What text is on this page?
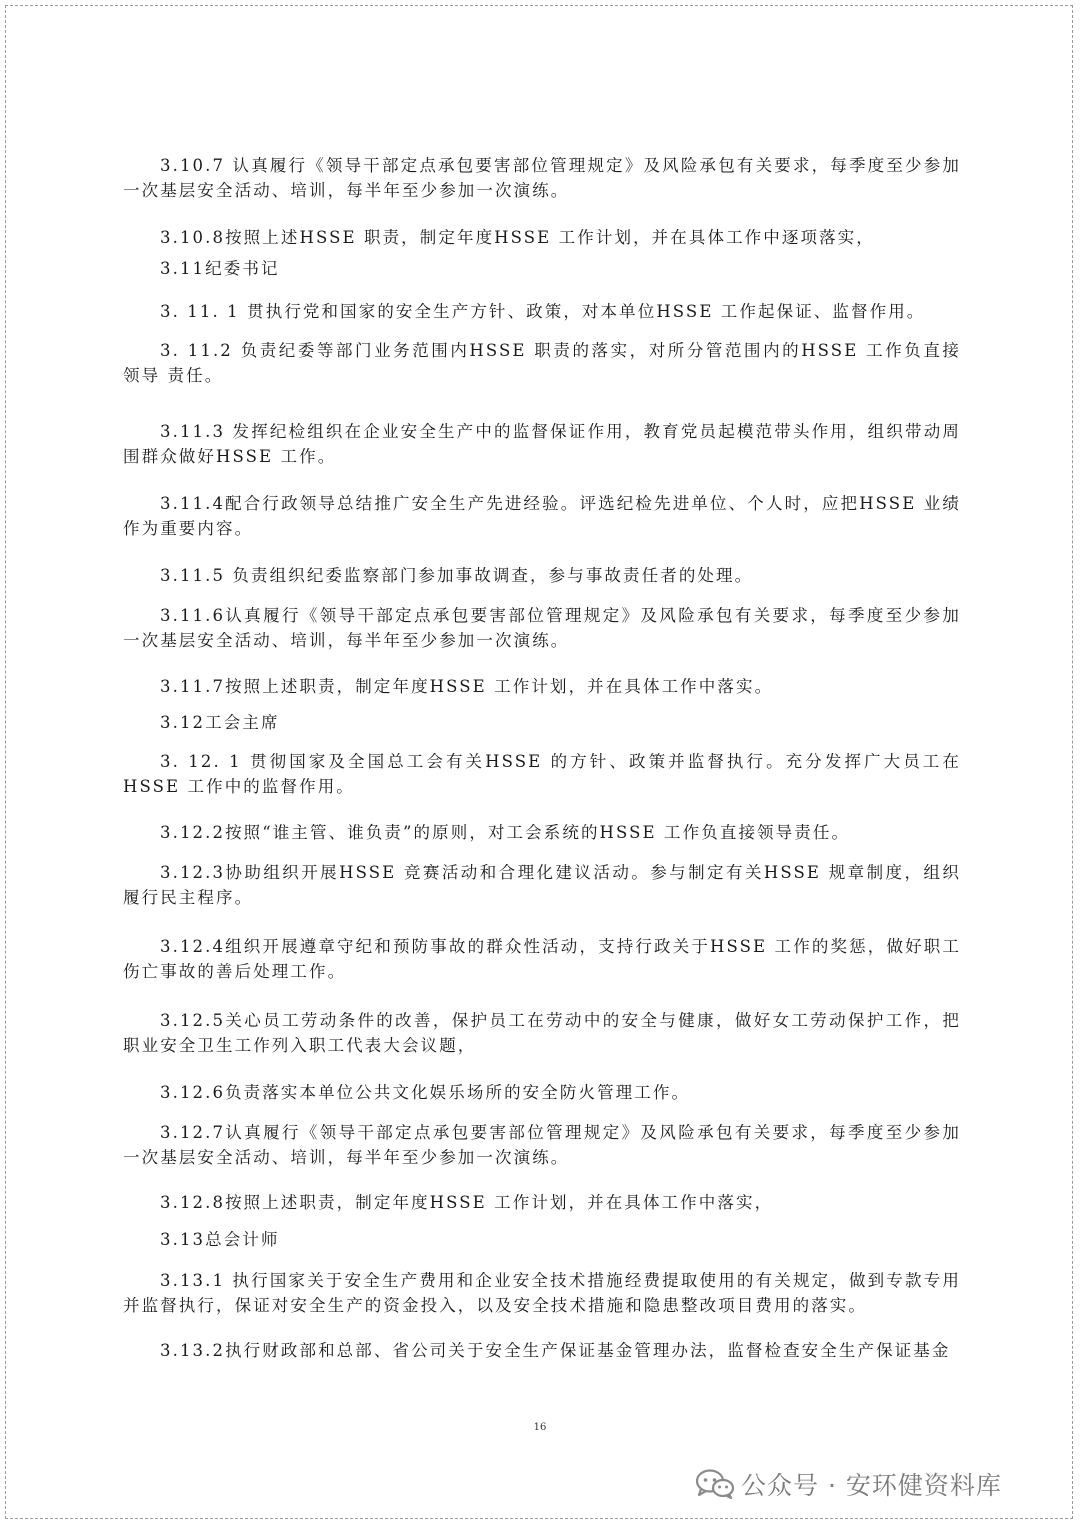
3.10.7 认真履行《领导干部定点承包要害部位管理规定》及风险承包有关要求，每季度至少参加一次基层安全活动、培训，每半年至少参加一次演练。
3.10.8按照上述HSSE 职责，制定年度HSSE 工作计划，并在具体工作中逐项落实，
3.11纪委书记
3. 11. 1 贯执行党和国家的安全生产方针、政策，对本单位HSSE 工作起保证、监督作用。
3. 11.2 负责纪委等部门业务范围内HSSE 职责的落实，对所分管范围内的HSSE 工作负直接领导 责任。
3.11.3 发挥纪检组织在企业安全生产中的监督保证作用，教育党员起模范带头作用，组织带动周围群众做好HSSE 工作。
3.11.4配合行政领导总结推广安全生产先进经验。评选纪检先进单位、个人时，应把HSSE 业绩作为重要内容。
3.11.5 负责组织纪委监察部门参加事故调查，参与事故责任者的处理。
3.11.6认真履行《领导干部定点承包要害部位管理规定》及风险承包有关要求，每季度至少参加一次基层安全活动、培训，每半年至少参加一次演练。
3.11.7按照上述职责，制定年度HSSE 工作计划，并在具体工作中落实。
3.12工会主席
3. 12. 1 贯彻国家及全国总工会有关HSSE 的方针、政策并监督执行。充分发挥广大员工在HSSE 工作中的监督作用。
3.12.2按照“谁主管、谁负责”的原则，对工会系统的HSSE 工作负直接领导责任。
3.12.3协助组织开展HSSE 竞赛活动和合理化建议活动。参与制定有关HSSE 规章制度，组织履行民主程序。
3.12.4组织开展遵章守纪和预防事故的群众性活动，支持行政关于HSSE 工作的奖惩，做好职工伤亡事故的善后处理工作。
3.12.5关心员工劳动条件的改善，保护员工在劳动中的安全与健康，做好女工劳动保护工作，把职业安全卫生工作列入职工代表大会议题，
3.12.6负责落实本单位公共文化娱乐场所的安全防火管理工作。
3.12.7认真履行《领导干部定点承包要害部位管理规定》及风险承包有关要求，每季度至少参加一次基层安全活动、培训，每半年至少参加一次演练。
3.12.8按照上述职责，制定年度HSSE 工作计划，并在具体工作中落实，
3.13总会计师
3.13.1 执行国家关于安全生产费用和企业安全技术措施经费提取使用的有关规定，做到专款专用并监督执行，保证对安全生产的资金投入，以及安全技术措施和隐患整改项目费用的落实。
3.13.2执行财政部和总部、省公司关于安全生产保证基金管理办法，监督检查安全生产保证基金
16
公众号 · 安环健资料库
